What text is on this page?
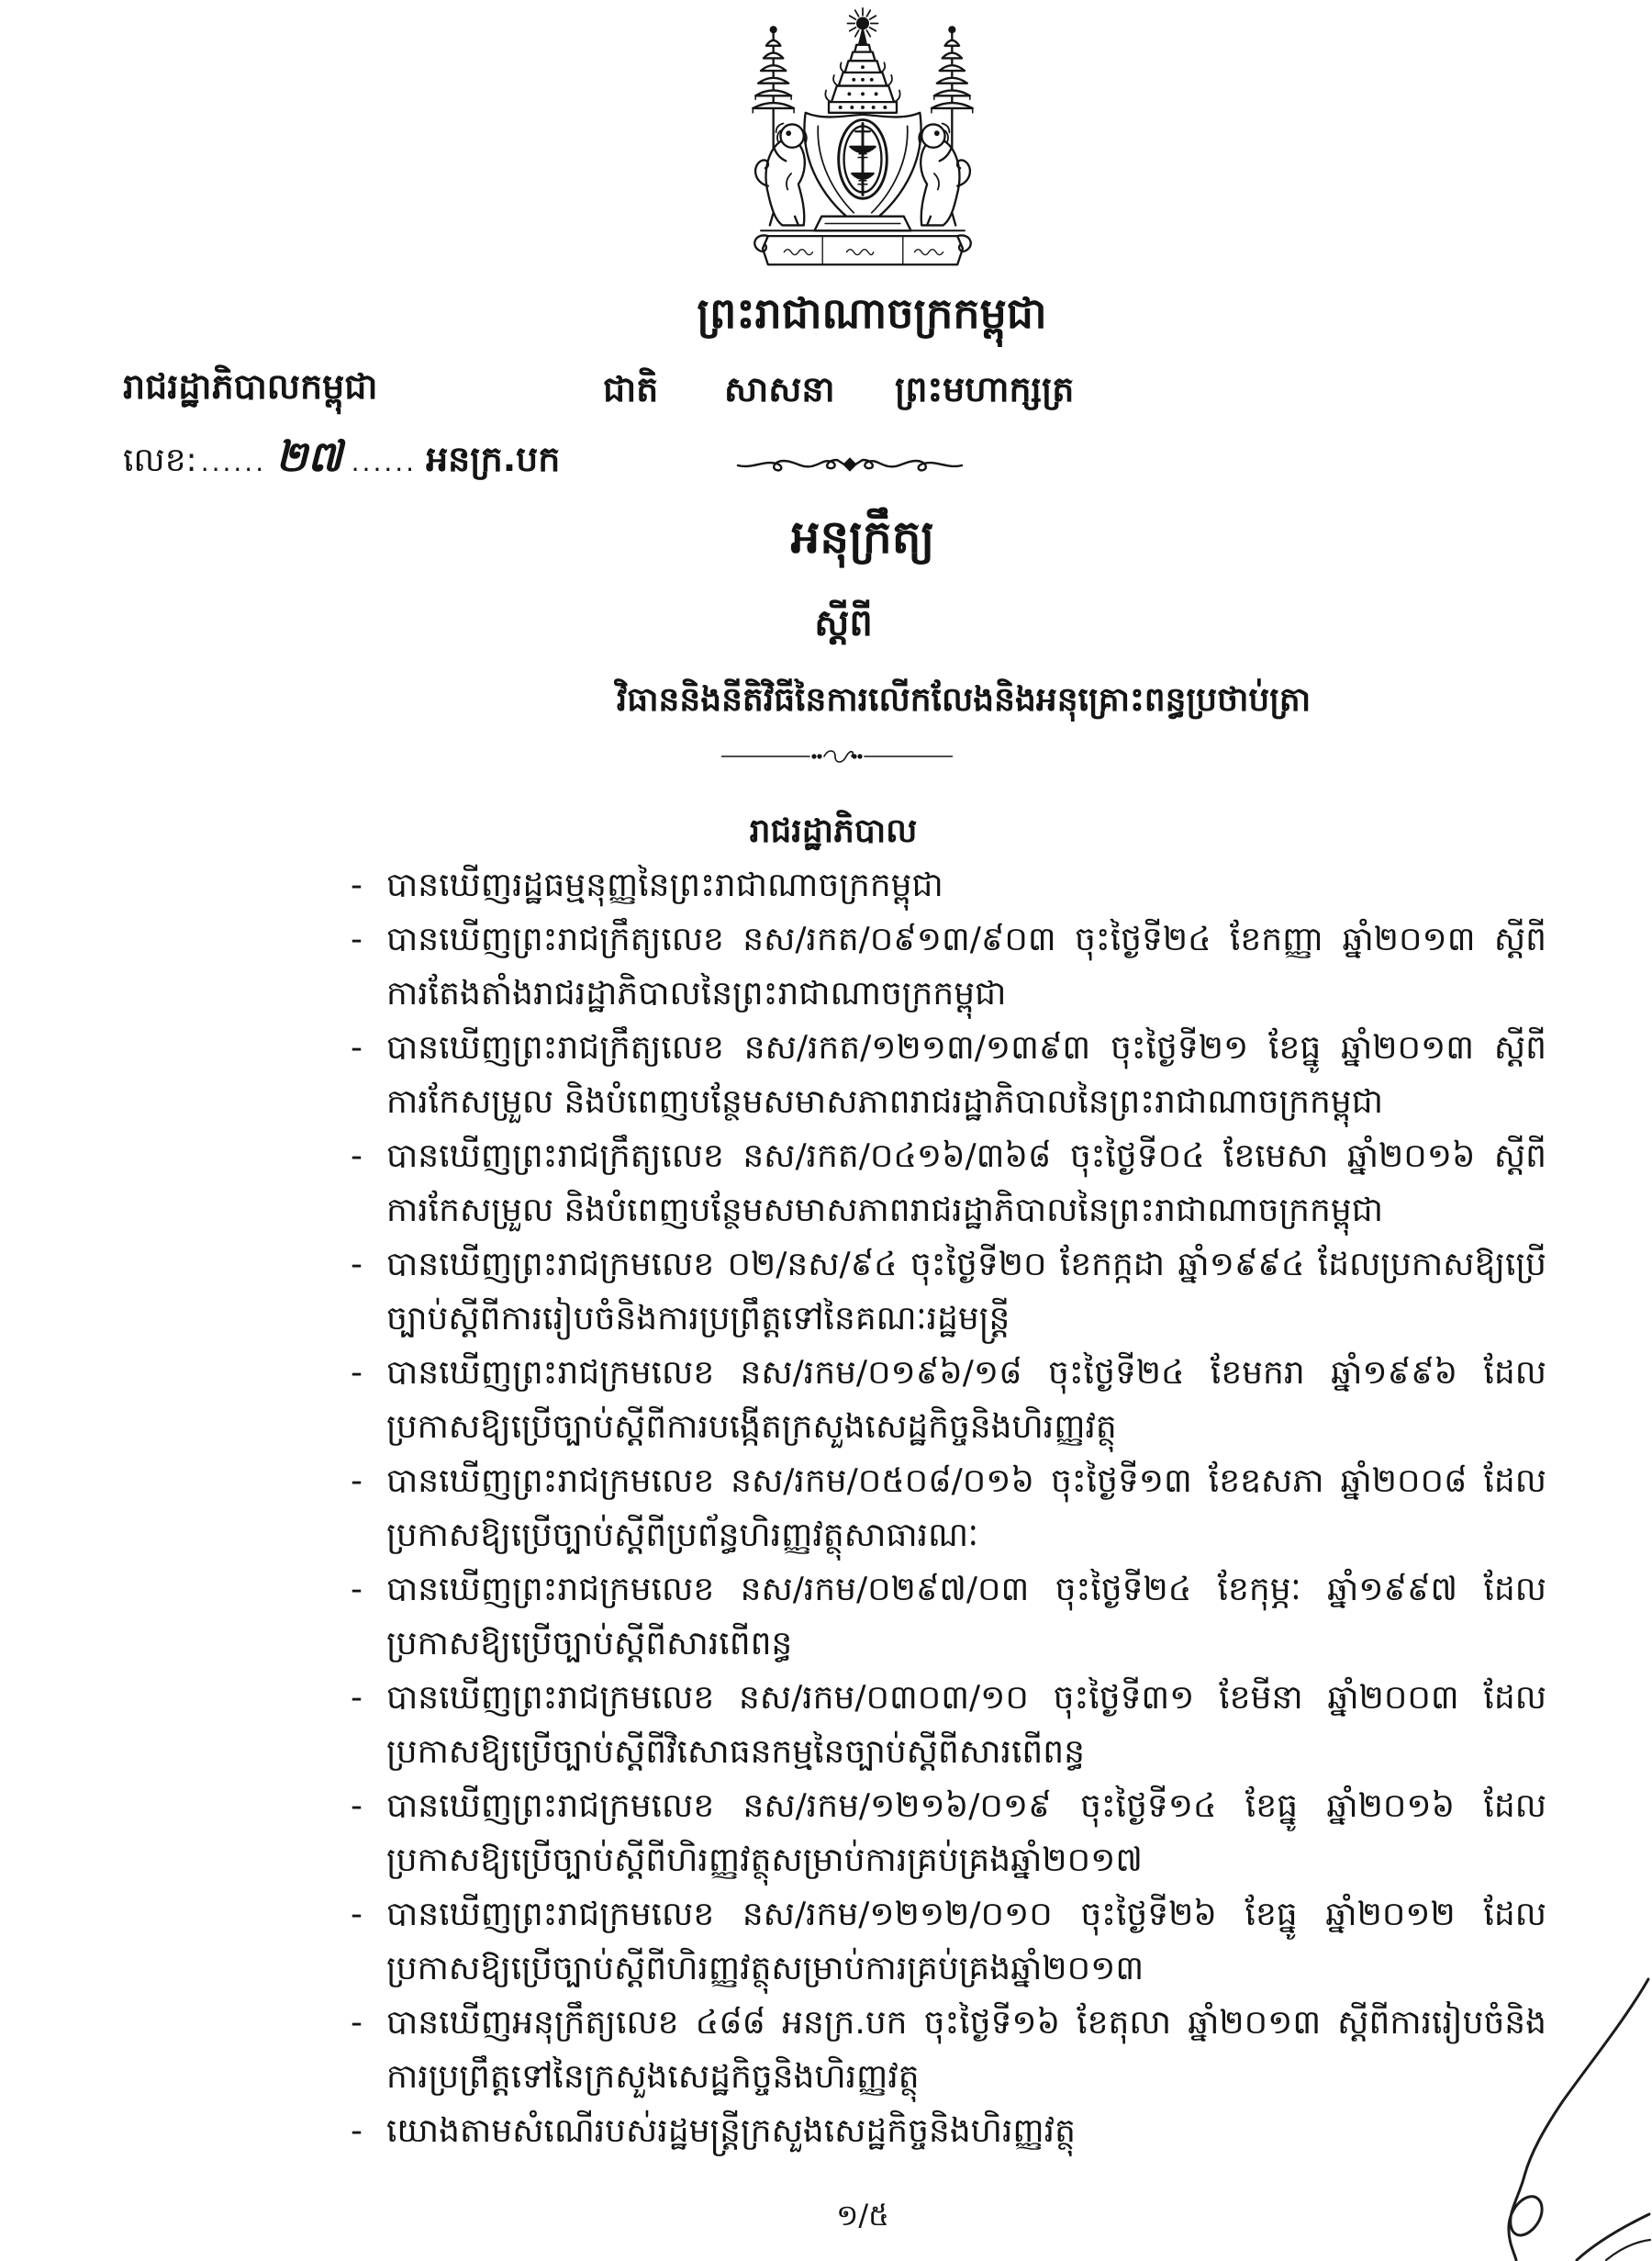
ព្រះរាជាណាចក្រកម្ពុជា
រាជរដ្ឋាភិបាលកម្ពុជា	ជាតិ សាសនា ព្រះមហាក្សត្រ
លេខ: ...... ២៧ ...... អនក្រ.បក
អនុក្រឹត្យ
ស្តីពី
វិធាននិងនីតិវិធីនៃការលើកលែងនិងអនុគ្រោះពន្ធប្រថាប់ត្រា
រាជរដ្ឋាភិបាល
- បានឃើញរដ្ឋធម្មនុញ្ញនៃព្រះរាជាណាចក្រកម្ពុជា
- បានឃើញព្រះរាជក្រឹត្យលេខ នស/រកត/០៩១៣/៩០៣ ចុះថ្ងៃទី២៤ ខែកញ្ញា ឆ្នាំ២០១៣ ស្តីពីការតែងតាំងរាជរដ្ឋាភិបាលនៃព្រះរាជាណាចក្រកម្ពុជា
- បានឃើញព្រះរាជក្រឹត្យលេខ នស/រកត/១២១៣/១៣៩៣ ចុះថ្ងៃទី២១ ខែធ្នូ ឆ្នាំ២០១៣ ស្តីពីការកែសម្រួល និងបំពេញបន្ថែមសមាសភាពរាជរដ្ឋាភិបាលនៃព្រះរាជាណាចក្រកម្ពុជា
- បានឃើញព្រះរាជក្រឹត្យលេខ នស/រកត/០៤១៦/៣៦៨ ចុះថ្ងៃទី០៤ ខែមេសា ឆ្នាំ២០១៦ ស្តីពីការកែសម្រួល និងបំពេញបន្ថែមសមាសភាពរាជរដ្ឋាភិបាលនៃព្រះរាជាណាចក្រកម្ពុជា
- បានឃើញព្រះរាជក្រមលេខ ០២/នស/៩៤ ចុះថ្ងៃទី២០ ខែកក្កដា ឆ្នាំ១៩៩៤ ដែលប្រកាសឱ្យប្រើច្បាប់ស្តីពីការរៀបចំនិងការប្រព្រឹត្តទៅនៃគណៈរដ្ឋមន្ត្រី
- បានឃើញព្រះរាជក្រមលេខ នស/រកម/០១៩៦/១៨ ចុះថ្ងៃទី២៤ ខែមករា ឆ្នាំ១៩៩៦ ដែលប្រកាសឱ្យប្រើច្បាប់ស្តីពីការបង្កើតក្រសួងសេដ្ឋកិច្ចនិងហិរញ្ញវត្ថុ
- បានឃើញព្រះរាជក្រមលេខ នស/រកម/០៥០៨/០១៦ ចុះថ្ងៃទី១៣ ខែឧសភា ឆ្នាំ២០០៨ ដែលប្រកាសឱ្យប្រើច្បាប់ស្តីពីប្រព័ន្ធហិរញ្ញវត្ថុសាធារណៈ
- បានឃើញព្រះរាជក្រមលេខ នស/រកម/០២៩៧/០៣ ចុះថ្ងៃទី២៤ ខែកុម្ភៈ ឆ្នាំ១៩៩៧ ដែលប្រកាសឱ្យប្រើច្បាប់ស្តីពីសារពើពន្ធ
- បានឃើញព្រះរាជក្រមលេខ នស/រកម/០៣០៣/១០ ចុះថ្ងៃទី៣១ ខែមីនា ឆ្នាំ២០០៣ ដែលប្រកាសឱ្យប្រើច្បាប់ស្តីពីវិសោធនកម្មនៃច្បាប់ស្តីពីសារពើពន្ធ
- បានឃើញព្រះរាជក្រមលេខ នស/រកម/១២១៦/០១៩ ចុះថ្ងៃទី១៤ ខែធ្នូ ឆ្នាំ២០១៦ ដែលប្រកាសឱ្យប្រើច្បាប់ស្តីពីហិរញ្ញវត្ថុសម្រាប់ការគ្រប់គ្រងឆ្នាំ២០១៧
- បានឃើញព្រះរាជក្រមលេខ នស/រកម/១២១២/០១០ ចុះថ្ងៃទី២៦ ខែធ្នូ ឆ្នាំ២០១២ ដែលប្រកាសឱ្យប្រើច្បាប់ស្តីពីហិរញ្ញវត្ថុសម្រាប់ការគ្រប់គ្រងឆ្នាំ២០១៣
- បានឃើញអនុក្រឹត្យលេខ ៤៨៨ អនក្រ.បក ចុះថ្ងៃទី១៦ ខែតុលា ឆ្នាំ២០១៣ ស្តីពីការរៀបចំនិងការប្រព្រឹត្តទៅនៃក្រសួងសេដ្ឋកិច្ចនិងហិរញ្ញវត្ថុ
- យោងតាមសំណើរបស់រដ្ឋមន្ត្រីក្រសួងសេដ្ឋកិច្ចនិងហិរញ្ញវត្ថុ
១/៥
